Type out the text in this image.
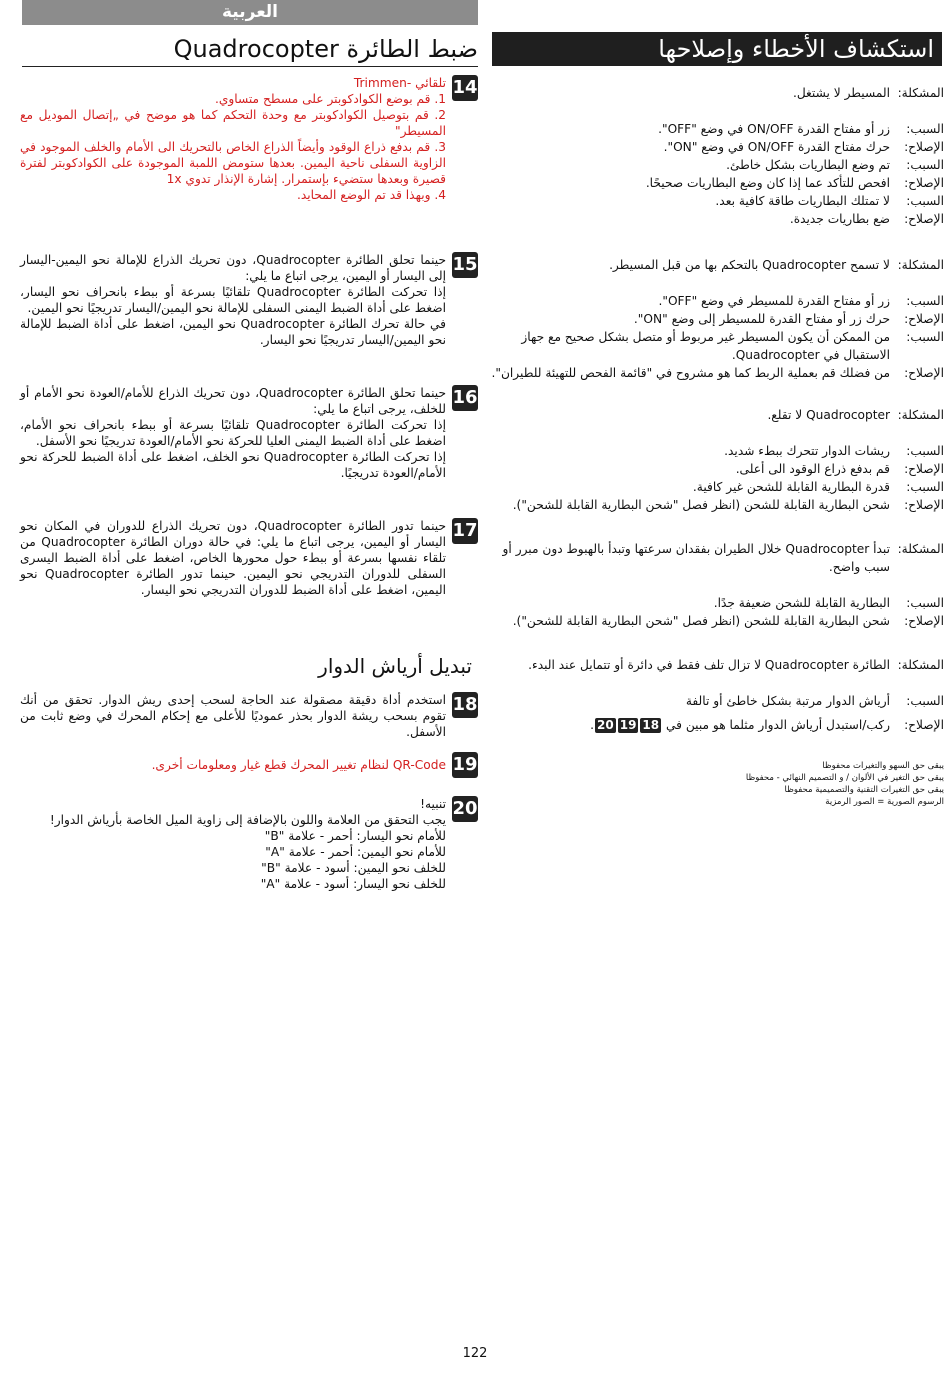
العربية
ضبط الطائرة Quadrocopter	استكشاف الأخطاء وإصلاحها
14

تلقائي -Trimmen

1. قم بوضع الكوادكوبتر على مسطح متساوي.

2. قم بتوصيل الكوادكوبتر مع وحدة التحكم كما هو موضح في „إتصال الموديل مع المسيطر"

3. قم بدفع ذراع الوقود وأيضاً الذراع الخاص بالتحريك الى الأمام والخلف الموجود في الزاوية السفلى ناحية اليمين. بعدها ستومض اللمبة الموجودة على الكوادكوبتر لفترة قصيرة وبعدها ستضيء بإستمرار. إشارة الإنذار تدوي 1x

4. وبهذا قد تم الوضع المحايد.

15

حينما تحلق الطائرة Quadrocopter، دون تحريك الذراع للإمالة نحو اليمين-اليسار إلى اليسار أو اليمين، يرجى اتباع ما يلي:

إذا تحركت الطائرة Quadrocopter تلقائيًا بسرعة أو ببطء بانحراف نحو اليسار، اضغط على أداة الضبط اليمنى السفلى للإمالة نحو اليمين/اليسار تدريجيًا نحو اليمين.

في حالة تحرك الطائرة Quadrocopter نحو اليمين، اضغط على أداة الضبط للإمالة نحو اليمين/اليسار تدريجيًا نحو اليسار.

16

حينما تحلق الطائرة Quadrocopter، دون تحريك الذراع للأمام/العودة نحو الأمام أو للخلف، يرجى اتباع ما يلي:

إذا تحركت الطائرة Quadrocopter تلقائيًا بسرعة أو ببطء بانحراف نحو الأمام، اضغط على أداة الضبط اليمنى العليا للحركة نحو الأمام/العودة تدريجيًا نحو الأسفل.

إذا تحركت الطائرة Quadrocopter نحو الخلف، اضغط على أداة الضبط للحركة نحو الأمام/العودة تدريجيًا.

17

حينما تدور الطائرة Quadrocopter، دون تحريك الذراع للدوران في المكان نحو اليسار أو اليمين، يرجى اتباع ما يلي: في حالة دوران الطائرة Quadrocopter من تلقاء نفسها بسرعة أو ببطء حول محورها الخاص، اضغط على أداة الضبط اليسرى السفلى للدوران التدريجي نحو اليمين. حينما تدور الطائرة Quadrocopter نحو اليمين، اضغط على أداة الضبط للدوران التدريجي نحو اليسار.

تبديل أرياش الدوار
18

استخدم أداة دقيقة مصقولة عند الحاجة لسحب إحدى ريش الدوار. تحقق من أنك تقوم بسحب ريشة الدوار بحذر عموديًا للأعلى مع إحكام المحرك في وضع ثابت من الأسفل.

19

QR-Code لنظام تغيير المحرك قطع غيار ومعلومات أخرى.

20

تنبيه!

يجب التحقق من العلامة واللون بالإضافة إلى زاوية الميل الخاصة بأرياش الدوار!

للأمام نحو اليسار: أحمر - علامة "B"

للأمام نحو اليمين: أحمر - علامة "A"

للخلف نحو اليمين: أسود - علامة "B"

للخلف نحو اليسار: أسود - علامة "A"

المشكلة:
المسيطر لا يشتغل.
السبب:
زر أو مفتاح القدرة ON/OFF في وضع "OFF".
الإصلاح:
حرك مفتاح القدرة ON/OFF في وضع "ON".
السبب:
تم وضع البطاريات بشكل خاطئ.
الإصلاح:
افحص للتأكد عما إذا كان وضع البطاريات صحيحًا.
السبب:
لا تمتلك البطاريات طاقة كافية بعد.
الإصلاح:
ضع بطاريات جديدة.
المشكلة:
لا تسمح Quadrocopter بالتحكم بها من قبل المسيطر.
السبب:
زر أو مفتاح القدرة للمسيطر في وضع "OFF".
الإصلاح:
حرك زر أو مفتاح القدرة للمسيطر إلى وضع "ON".
السبب:
من الممكن أن يكون المسيطر غير مربوط أو متصل بشكل صحيح مع جهاز الاستقبال في Quadrocopter.
الإصلاح:
من فضلك قم بعملية الربط كما هو مشروح في "قائمة الفحص للتهيئة للطيران".
المشكلة:
Quadrocopter لا تقلع.
السبب:
ريشات الدوار تتحرك ببطء شديد.
الإصلاح:
قم بدفع ذراع الوقود الى أعلى.
السبب:
قدرة البطارية القابلة للشحن غير كافية.
الإصلاح:
شحن البطارية القابلة للشحن (انظر فصل "شحن البطارية القابلة للشحن").
المشكلة:
تبدأ Quadrocopter خلال الطيران بفقدان سرعتها وتبدأ بالهبوط دون مبرر أو سبب واضح.
السبب:
البطارية القابلة للشحن ضعيفة جدًا.
الإصلاح:
شحن البطارية القابلة للشحن (انظر فصل "شحن البطارية القابلة للشحن").
المشكلة:
الطائرة Quadrocopter لا تزال تلف فقط في دائرة أو تتمايل عند البدء.
السبب:
أرياش الدوار مرتبة بشكل خاطئ أو تالفة
الإصلاح:
ركب/استبدل أرياش الدوار مثلما هو مبين في 181920.
يبقى حق السهو والتغيرات محفوظا
يبقى حق التغير في الألوان / و التصميم النهائي - محفوظا
يبقى حق التغيرات التقنية والتصميمية محفوظا
الرسوم الصورية = الصور الرمزية
122
